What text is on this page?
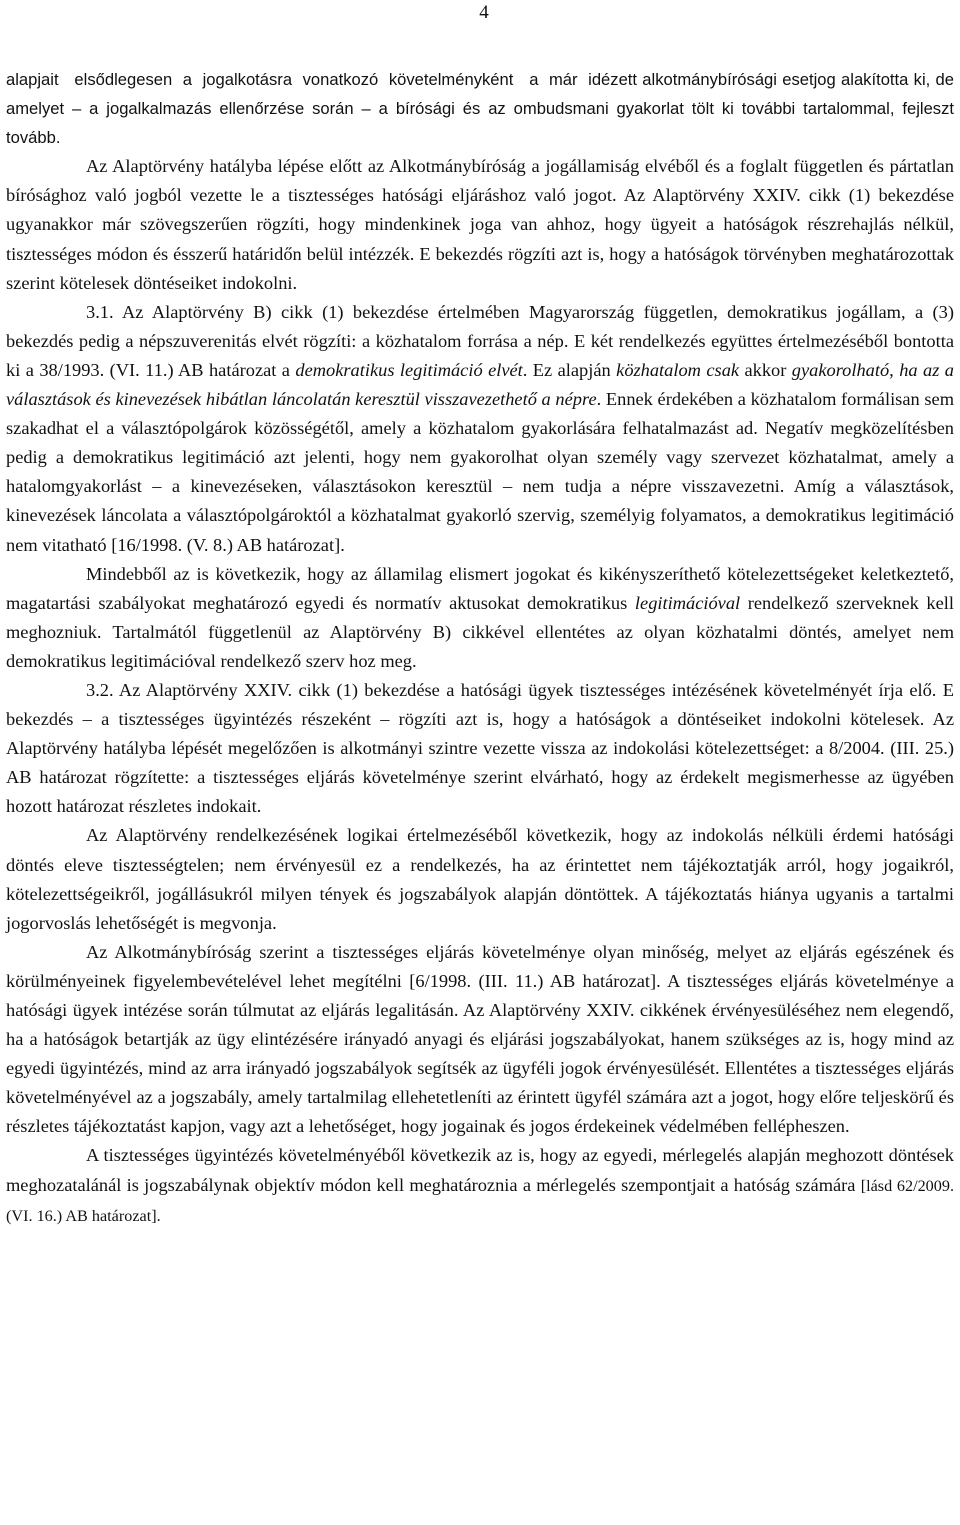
4

alapjait   elsődlegesen  a  jogalkotásra  vonatkozó  követelményként   a  már  idézett alkotmánybírósági esetjog alakította ki, de amelyet – a jogalkalmazás ellenőrzése során – a bírósági és az ombudsmani gyakorlat tölt ki további tartalommal, fejleszt tovább.

Az Alaptörvény hatályba lépése előtt az Alkotmánybíróság a jogállamiság elvéből és a foglalt független és pártatlan bírósághoz való jogból vezette le a tisztességes hatósági eljáráshoz való jogot. Az Alaptörvény XXIV. cikk (1) bekezdése ugyanakkor már szövegszerűen rögzíti, hogy mindenkinek joga van ahhoz, hogy ügyeit a hatóságok részrehajlás nélkül, tisztességes módon és ésszerű határidőn belül intézzék. E bekezdés rögzíti azt is, hogy a hatóságok törvényben meghatározottak szerint kötelesek döntéseiket indokolni.

3.1. Az Alaptörvény B) cikk (1) bekezdése értelmében Magyarország független, demokratikus jogállam, a (3) bekezdés pedig a népszuverenitás elvét rögzíti: a közhatalom forrása a nép. E két rendelkezés együttes értelmezéséből bontotta ki a 38/1993. (VI. 11.) AB határozat a demokratikus legitimáció elvét. Ez alapján közhatalom csak akkor gyakorolható, ha az a választások és kinevezések hibátlan láncolatán keresztül visszavezethető a népre. Ennek érdekében a közhatalom formálisan sem szakadhat el a választópolgárok közösségétől, amely a közhatalom gyakorlására felhatalmazást ad. Negatív megközelítésben pedig a demokratikus legitimáció azt jelenti, hogy nem gyakorolhat olyan személy vagy szervezet közhatalmat, amely a hatalomgyakorlást – a kinevezéseken, választásokon keresztül – nem tudja a népre visszavezetni. Amíg a választások, kinevezések láncolata a választópolgároktól a közhatalmat gyakorló szervig, személyig folyamatos, a demokratikus legitimáció nem vitatható [16/1998. (V. 8.) AB határozat].

Mindebből az is következik, hogy az államilag elismert jogokat és kikényszeríthető kötelezettségeket keletkeztető, magatartási szabályokat meghatározó egyedi és normatív aktusokat demokratikus legitimációval rendelkező szerveknek kell meghozniuk. Tartalmától függetlenül az Alaptörvény B) cikkével ellentétes az olyan közhatalmi döntés, amelyet nem demokratikus legitimációval rendelkező szerv hoz meg.

3.2. Az Alaptörvény XXIV. cikk (1) bekezdése a hatósági ügyek tisztességes intézésének követelményét írja elő. E bekezdés – a tisztességes ügyintézés részeként – rögzíti azt is, hogy a hatóságok a döntéseiket indokolni kötelesek. Az Alaptörvény hatályba lépését megelőzően is alkotmányi szintre vezette vissza az indokolási kötelezettséget: a 8/2004. (III. 25.) AB határozat rögzítette: a tisztességes eljárás követelménye szerint elvárható, hogy az érdekelt megismerhesse az ügyében hozott határozat részletes indokait.

Az Alaptörvény rendelkezésének logikai értelmezéséből következik, hogy az indokolás nélküli érdemi hatósági döntés eleve tisztességtelen; nem érvényesül ez a rendelkezés, ha az érintettet nem tájékoztatják arról, hogy jogaikról, kötelezettségeikről, jogállásukról milyen tények és jogszabályok alapján döntöttek. A tájékoztatás hiánya ugyanis a tartalmi jogorvoslás lehetőségét is megvonja.

Az Alkotmánybíróság szerint a tisztességes eljárás követelménye olyan minőség, melyet az eljárás egészének és körülményeinek figyelembevételével lehet megítélni [6/1998. (III. 11.) AB határozat]. A tisztességes eljárás követelménye a hatósági ügyek intézése során túlmutat az eljárás legalitásán. Az Alaptörvény XXIV. cikkének érvényesüléséhez nem elegendő, ha a hatóságok betartják az ügy elintézésére irányadó anyagi és eljárási jogszabályokat, hanem szükséges az is, hogy mind az egyedi ügyintézés, mind az arra irányadó jogszabályok segítsék az ügyféli jogok érvényesülését. Ellentétes a tisztességes eljárás követelményével az a jogszabály, amely tartalmilag ellehetetleníti az érintett ügyfél számára azt a jogot, hogy előre teljeskörű és részletes tájékoztatást kapjon, vagy azt a lehetőséget, hogy jogainak és jogos érdekeinek védelmében fellépheszen.

A tisztességes ügyintézés követelményéből következik az is, hogy az egyedi, mérlegelés alapján meghozott döntések meghozatalánál is jogszabálynak objektív módon kell meghatároznia a mérlegelés szempontjait a hatóság számára [lásd 62/2009. (VI. 16.) AB határozat].
